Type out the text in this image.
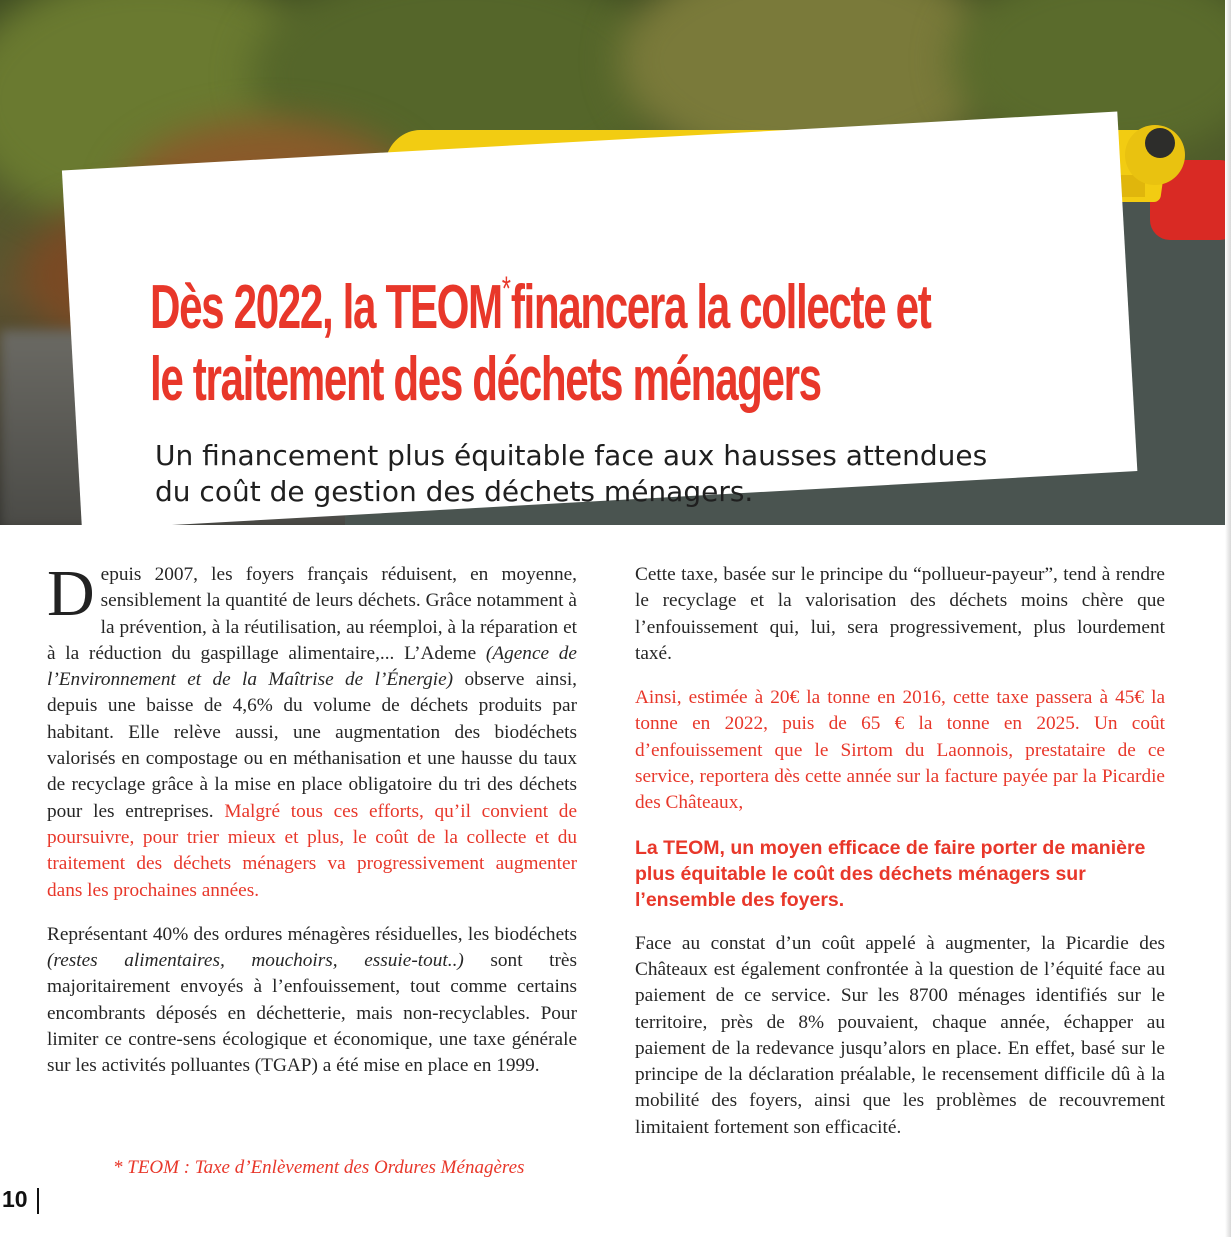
Dès 2022, la TEOM*financera la collecte et
le traitement des déchets ménagers

Un financement plus équitable face aux hausses attendues
du coût de gestion des déchets ménagers.

Depuis 2007, les foyers français réduisent, en moyenne, sensiblement la quantité de leurs déchets. Grâce notamment à la prévention, à la réutilisation, au réemploi, à la réparation et à la réduction du gaspillage alimentaire,... L’Ademe (Agence de l’Environnement et de la Maîtrise de l’Énergie) observe ainsi, depuis une baisse de 4,6% du volume de déchets produits par habitant. Elle relève aussi, une augmentation des biodéchets valorisés en compostage ou en méthanisation et une hausse du taux de recyclage grâce à la mise en place obligatoire du tri des déchets pour les entreprises. Malgré tous ces efforts, qu’il convient de poursuivre, pour trier mieux et plus, le coût de la collecte et du traitement des déchets ménagers va progressivement augmenter dans les prochaines années.

Représentant 40% des ordures ménagères résiduelles, les biodéchets (restes alimentaires, mouchoirs, essuie-tout..) sont très majoritairement envoyés à l’enfouissement, tout comme certains encombrants déposés en déchetterie, mais non-recyclables. Pour limiter ce contre-sens écologique et économique, une taxe générale sur les activités polluantes (TGAP) a été mise en place en 1999.

Cette taxe, basée sur le principe du “pollueur-payeur”, tend à rendre le recyclage et la valorisation des déchets moins chère que l’enfouissement qui, lui, sera progressivement, plus lourdement taxé.

Ainsi, estimée à 20€ la tonne en 2016, cette taxe passera à 45€ la tonne en 2022, puis de 65 € la tonne en 2025. Un coût d’enfouissement que le Sirtom du Laonnois, prestataire de ce service, reportera dès cette année sur la facture payée par la Picardie des Châteaux,

La TEOM, un moyen efficace de faire porter de manière plus équitable le coût des déchets ménagers sur l’ensemble des foyers.

Face au constat d’un coût appelé à augmenter, la Picardie des Châteaux est également confrontée à la question de l’équité face au paiement de ce service. Sur les 8700 ménages identifiés sur le territoire, près de 8% pouvaient, chaque année, échapper au paiement de la redevance jusqu’alors en place. En effet, basé sur le principe de la déclaration préalable, le recensement difficile dû à la mobilité des foyers, ainsi que les problèmes de recouvrement limitaient fortement son efficacité.

* TEOM : Taxe d’Enlèvement des Ordures Ménagères

10
